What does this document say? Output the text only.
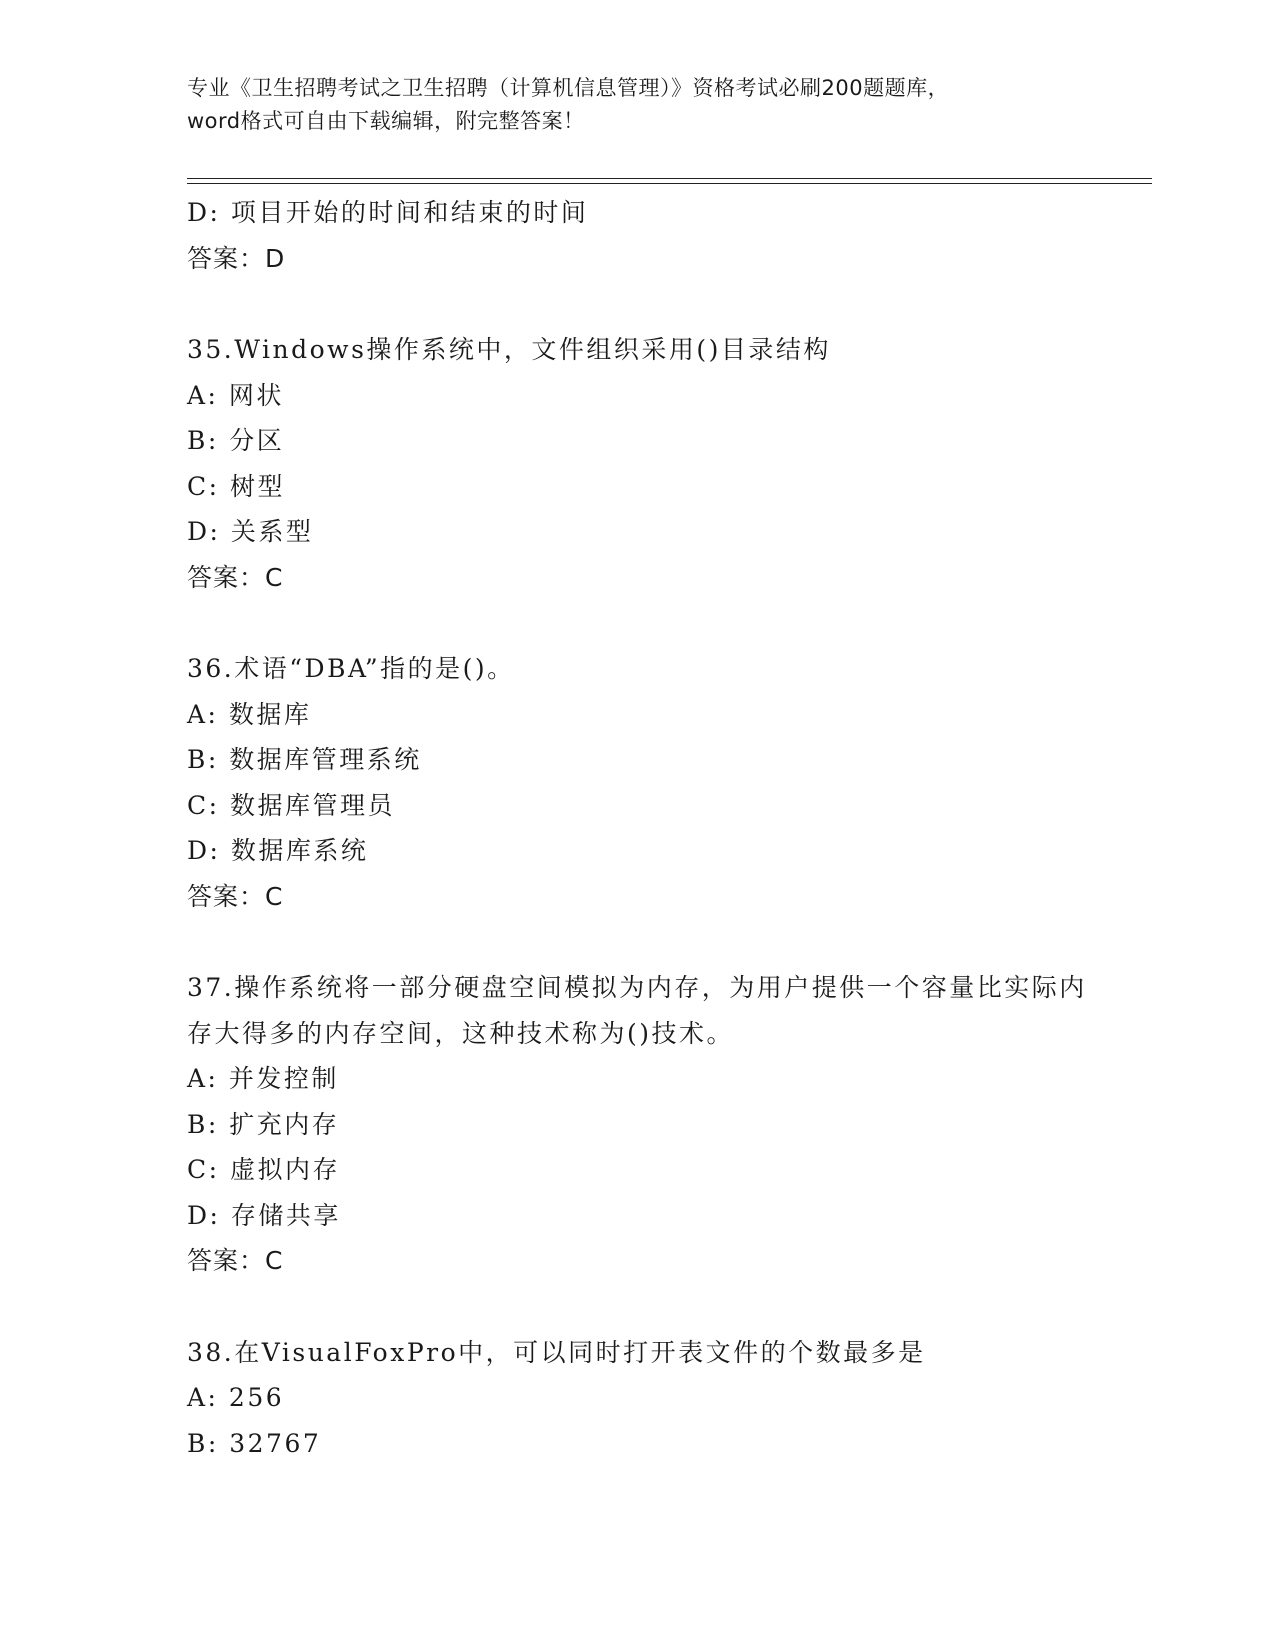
专业《卫生招聘考试之卫生招聘（计算机信息管理）》资格考试必刷200题题库，
word格式可自由下载编辑，附完整答案！
D: 项目开始的时间和结束的时间
答案：D
35.Windows操作系统中，文件组织采用()目录结构
A: 网状
B: 分区
C: 树型
D: 关系型
答案：C
36.术语“DBA”指的是()。
A: 数据库
B: 数据库管理系统
C: 数据库管理员
D: 数据库系统
答案：C
37.操作系统将一部分硬盘空间模拟为内存，为用户提供一个容量比实际内存大得多的内存空间，这种技术称为()技术。
A: 并发控制
B: 扩充内存
C: 虚拟内存
D: 存储共享
答案：C
38.在VisualFoxPro中，可以同时打开表文件的个数最多是
A: 256
B: 32767
